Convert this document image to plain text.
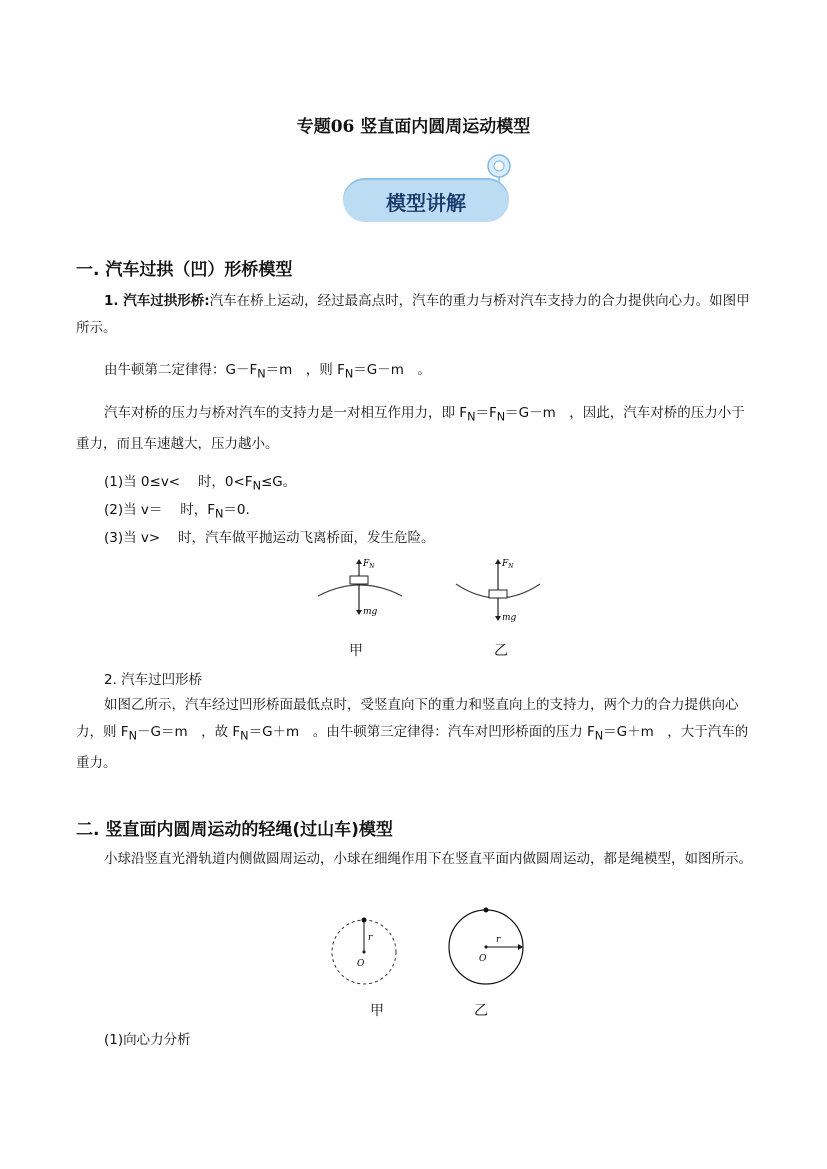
专题06 竖直面内圆周运动模型
模型讲解
一. 汽车过拱（凹）形桥模型
1. 汽车过拱形桥:汽车在桥上运动，经过最高点时，汽车的重力与桥对汽车支持力的合力提供向心力。如图甲所示。
由牛顿第二定律得：$G-F_N=m$　，则 $F_N=G-m$　。
汽车对桥的压力与桥对汽车的支持力是一对相互作用力，即 $F_N=F_N=G-m$　，因此，汽车对桥的压力小于重力，而且车速越大，压力越小。
(1)当 0≤v<　 时，$0<F_N\le G$。
(2)当 v＝　 时，$F_N=0$.
(3)当 v>　 时，汽车做平抛运动飞离桥面，发生危险。
$F_N$
mg
$F_N$
mg
甲	乙
2. 汽车过凹形桥
如图乙所示，汽车经过凹形桥面最低点时，受竖直向下的重力和竖直向上的支持力，两个力的合力提供向心力，则 $F_N-G=m$　，故 $F_N=G+m$　。由牛顿第三定律得：汽车对凹形桥面的压力 $F_N=G+m$　，大于汽车的重力。
二. 竖直面内圆周运动的轻绳(过山车)模型
小球沿竖直光滑轨道内侧做圆周运动，小球在细绳作用下在竖直平面内做圆周运动，都是绳模型，如图所示。
r
O
r
O
甲	乙
(1)向心力分析
